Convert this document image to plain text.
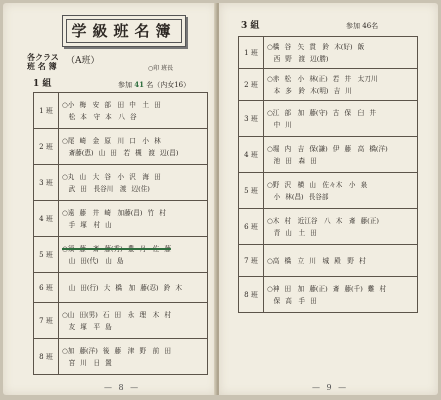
学級班名簿
各クラス
班 名 簿 （A班）
○印 班長
1 組	参加 41 名（内女16）
1 班	○小 梅　安 部　田 中　土 田
　松 本　守 本　八 谷

2 班	○尾 崎　金 原　川 口　小 林
　斎藤(恵) 山 田　若 槻　渡 辺(昌)

3 班	○丸 山　大 谷　小 沢　海 田
　武 田　長谷川　渡 辺(住)

4 班	○遠 藤　井 崎　加藤(昌) 竹 村
　手 塚　村 山

5 班	○須 藤　斎 藤(秀) 豊 丹　佐 藤
　山 田(代)　山 島

6 班	　山 田(行) 大 橋　加 藤(忍) 鈴 木

7 班	○山 田(男) 石 田　永 理　木 村
　友 塚　平 島

8 班	○加 藤(洋) 後 藤　津 野　前 田
　宮 川　日 置
— 8 —
3 組	参加 46名
1 班	○橋 谷　矢 貫　鈴 木(好) 飯
　西 野　渡 辺(勝)

2 班	○赤 松　小 林(正) 若 井　太刀川
　本 多　鈴 木(明) 吉 川

3 班	○江 部　加 藤(守) 古 保　臼 井
　中 川

4 班	○堀 内　吉 保(謙) 伊 藤　高 橋(洋)
　池 田　森 田

5 班	○野 沢　横 山　佐々木　小 泉
　小 林(昌) 長谷部

6 班	○木 村　近江谷　八 木　斎 藤(正)
　青 山　土 田

7 班	○高 橋　立 川　城 殿　野 村

8 班	○神 田　加 藤(正) 斎 藤(千) 難 村
　保 高　手 田
— 9 —
